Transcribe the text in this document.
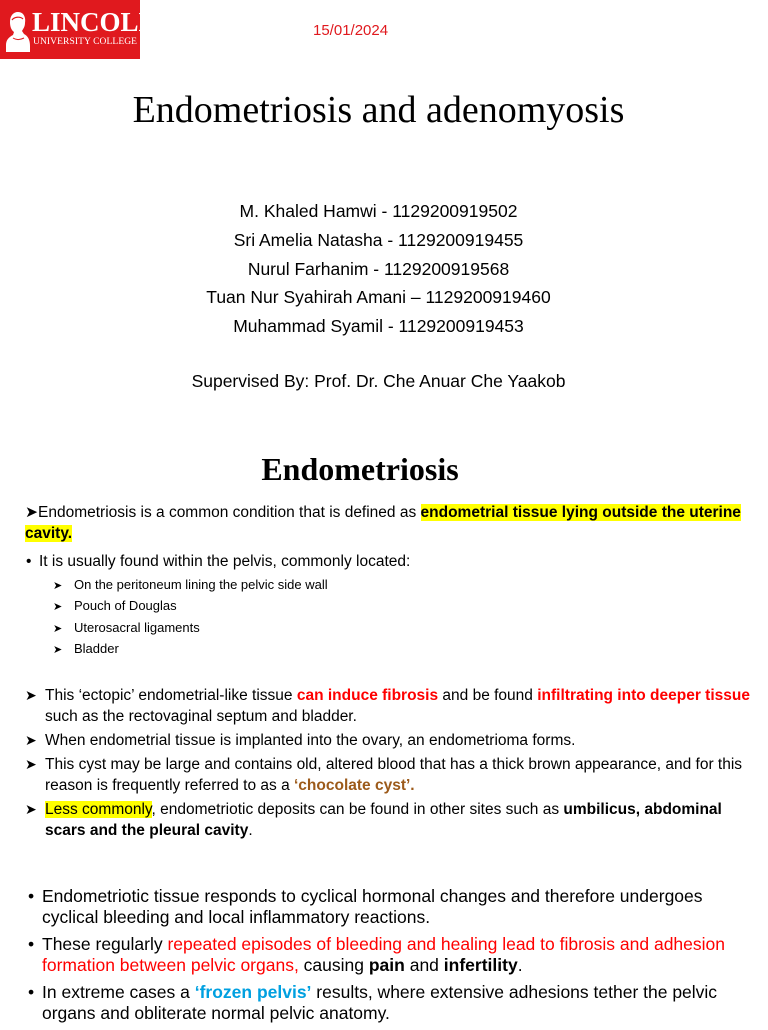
LINCOLN
UNIVERSITY COLLEGE
15/01/2024
Endometriosis and adenomyosis
M. Khaled Hamwi - 1129200919502
Sri Amelia Natasha - 1129200919455
Nurul Farhanim - 1129200919568
Tuan Nur Syahirah Amani – 1129200919460
Muhammad Syamil - 1129200919453
Supervised By: Prof. Dr. Che Anuar Che Yaakob
Endometriosis
➤Endometriosis is a common condition that is defined as endometrial tissue lying outside the uterine cavity.
• It is usually found within the pelvis, commonly located:
➤ On the peritoneum lining the pelvic side wall
➤ Pouch of Douglas
➤ Uterosacral ligaments
➤ Bladder
➤ This ‘ectopic’ endometrial-like tissue can induce fibrosis and be found infiltrating into deeper tissue such as the rectovaginal septum and bladder.
➤ When endometrial tissue is implanted into the ovary, an endometrioma forms.
➤ This cyst may be large and contains old, altered blood that has a thick brown appearance, and for this reason is frequently referred to as a ‘chocolate cyst’.
➤ Less commonly, endometriotic deposits can be found in other sites such as umbilicus, abdominal scars and the pleural cavity.
• Endometriotic tissue responds to cyclical hormonal changes and therefore undergoes cyclical bleeding and local inflammatory reactions.
• These regularly repeated episodes of bleeding and healing lead to fibrosis and adhesion formation between pelvic organs, causing pain and infertility.
• In extreme cases a ‘frozen pelvis’ results, where extensive adhesions tether the pelvic organs and obliterate normal pelvic anatomy.
